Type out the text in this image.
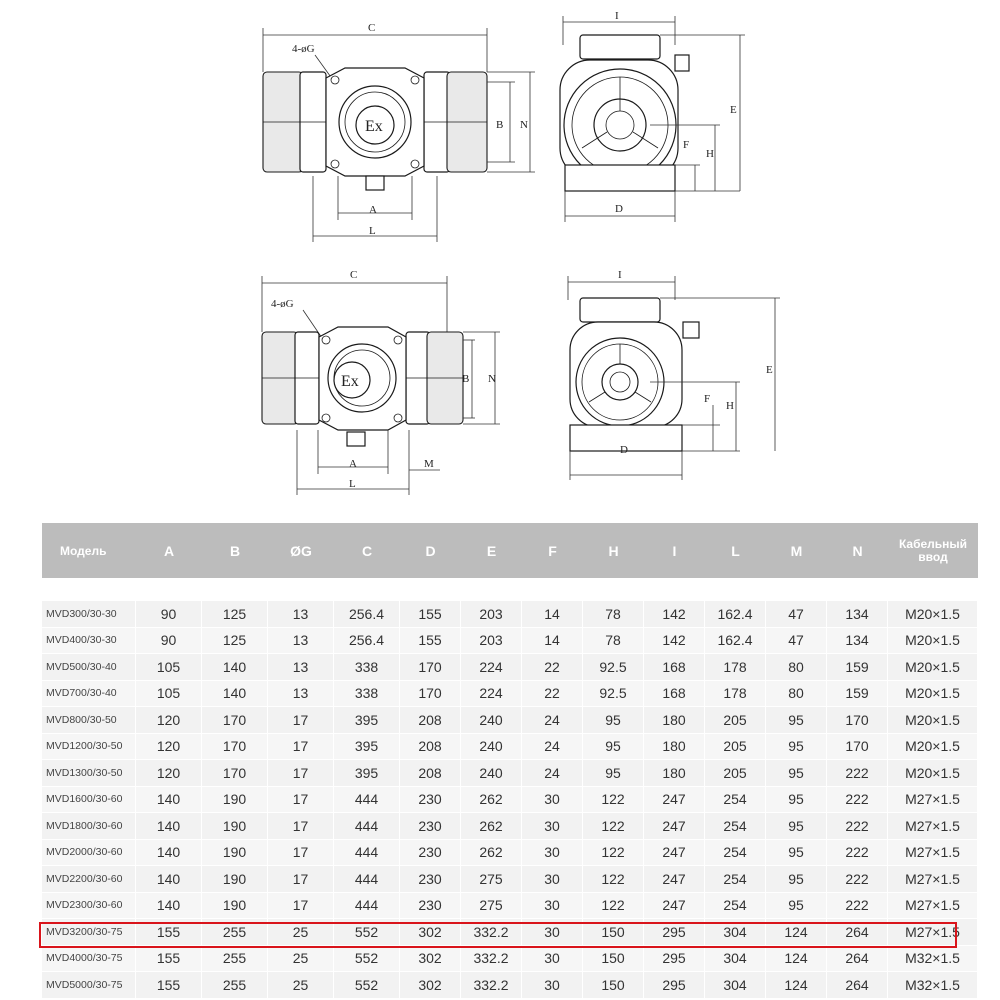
C
4-øG
Ex
A
L
B N
I
D
F
H
E
C
4-øG
Ex
A
L
M
B N
I
D
F
H
E
Модель	A	B	ØG	C	D	E	F	H	I	L	M	N	Кабельный
ввод

MVD300/30-30	90	125	13	256.4	155	203	14	78	142	162.4	47	134	M20×1.5
MVD400/30-30	90	125	13	256.4	155	203	14	78	142	162.4	47	134	M20×1.5
MVD500/30-40	105	140	13	338	170	224	22	92.5	168	178	80	159	M20×1.5
MVD700/30-40	105	140	13	338	170	224	22	92.5	168	178	80	159	M20×1.5
MVD800/30-50	120	170	17	395	208	240	24	95	180	205	95	170	M20×1.5
MVD1200/30-50	120	170	17	395	208	240	24	95	180	205	95	170	M20×1.5
MVD1300/30-50	120	170	17	395	208	240	24	95	180	205	95	222	M20×1.5
MVD1600/30-60	140	190	17	444	230	262	30	122	247	254	95	222	M27×1.5
MVD1800/30-60	140	190	17	444	230	262	30	122	247	254	95	222	M27×1.5
MVD2000/30-60	140	190	17	444	230	262	30	122	247	254	95	222	M27×1.5
MVD2200/30-60	140	190	17	444	230	275	30	122	247	254	95	222	M27×1.5
MVD2300/30-60	140	190	17	444	230	275	30	122	247	254	95	222	M27×1.5
MVD3200/30-75	155	255	25	552	302	332.2	30	150	295	304	124	264	M27×1.5
MVD4000/30-75	155	255	25	552	302	332.2	30	150	295	304	124	264	M32×1.5
MVD5000/30-75	155	255	25	552	302	332.2	30	150	295	304	124	264	M32×1.5
